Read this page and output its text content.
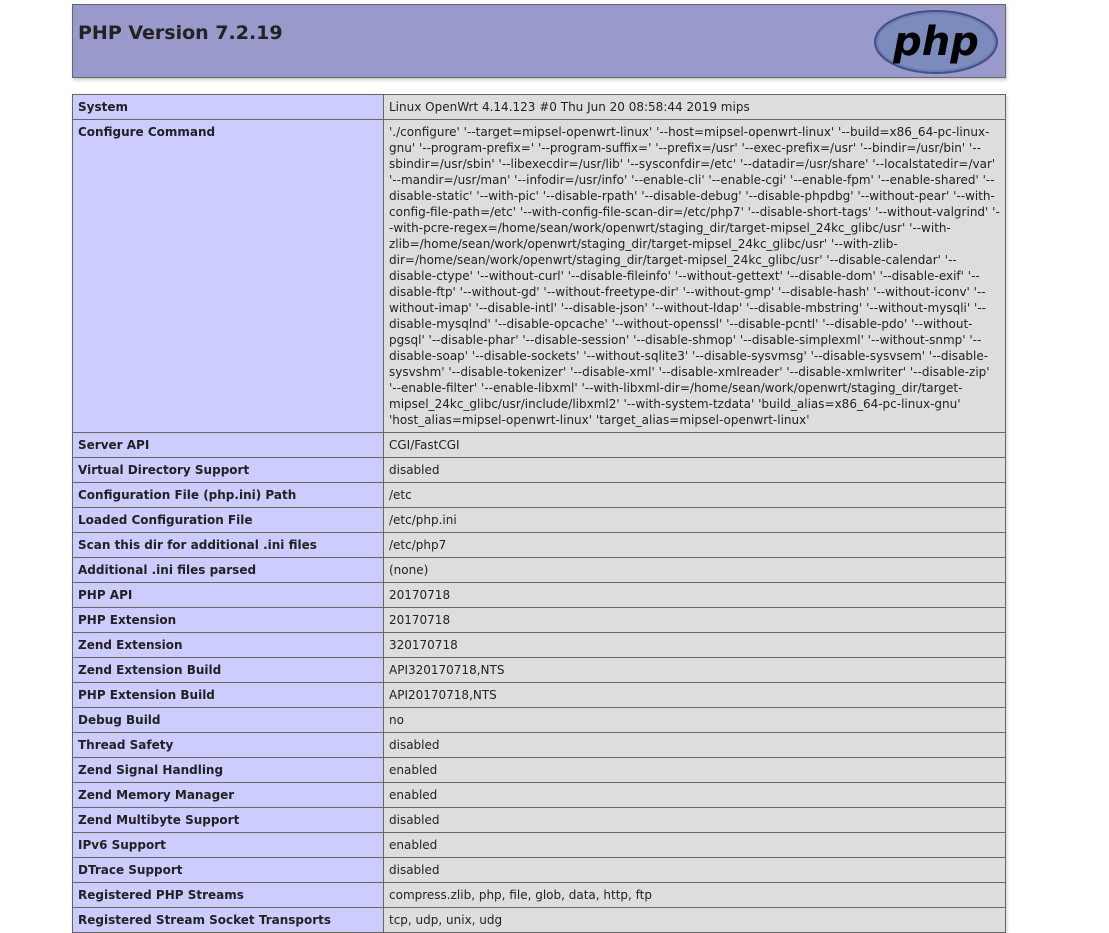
PHP Version 7.2.19	php
System	Linux OpenWrt 4.14.123 #0 Thu Jun 20 08:58:44 2019 mips
Configure Command	'./configure' '--target=mipsel-openwrt-linux' '--host=mipsel-openwrt-linux' '--build=x86_64-pc-linux-gnu' '--program-prefix=' '--program-suffix=' '--prefix=/usr' '--exec-prefix=/usr' '--bindir=/usr/bin' '--sbindir=/usr/sbin' '--libexecdir=/usr/lib' '--sysconfdir=/etc' '--datadir=/usr/share' '--localstatedir=/var' '--mandir=/usr/man' '--infodir=/usr/info' '--enable-cli' '--enable-cgi' '--enable-fpm' '--enable-shared' '--disable-static' '--with-pic' '--disable-rpath' '--disable-debug' '--disable-phpdbg' '--without-pear' '--with-config-file-path=/etc' '--with-config-file-scan-dir=/etc/php7' '--disable-short-tags' '--without-valgrind' '--with-pcre-regex=/home/sean/work/openwrt/staging_dir/target-mipsel_24kc_glibc/usr' '--with-zlib=/home/sean/work/openwrt/staging_dir/target-mipsel_24kc_glibc/usr' '--with-zlib-dir=/home/sean/work/openwrt/staging_dir/target-mipsel_24kc_glibc/usr' '--disable-calendar' '--disable-ctype' '--without-curl' '--disable-fileinfo' '--without-gettext' '--disable-dom' '--disable-exif' '--disable-ftp' '--without-gd' '--without-freetype-dir' '--without-gmp' '--disable-hash' '--without-iconv' '--without-imap' '--disable-intl' '--disable-json' '--without-ldap' '--disable-mbstring' '--without-mysqli' '--disable-mysqlnd' '--disable-opcache' '--without-openssl' '--disable-pcntl' '--disable-pdo' '--without-pgsql' '--disable-phar' '--disable-session' '--disable-shmop' '--disable-simplexml' '--without-snmp' '--disable-soap' '--disable-sockets' '--without-sqlite3' '--disable-sysvmsg' '--disable-sysvsem' '--disable-sysvshm' '--disable-tokenizer' '--disable-xml' '--disable-xmlreader' '--disable-xmlwriter' '--disable-zip' '--enable-filter' '--enable-libxml' '--with-libxml-dir=/home/sean/work/openwrt/staging_dir/target-mipsel_24kc_glibc/usr/include/libxml2' '--with-system-tzdata' 'build_alias=x86_64-pc-linux-gnu' 'host_alias=mipsel-openwrt-linux' 'target_alias=mipsel-openwrt-linux'
Server API	CGI/FastCGI
Virtual Directory Support	disabled
Configuration File (php.ini) Path	/etc
Loaded Configuration File	/etc/php.ini
Scan this dir for additional .ini files	/etc/php7
Additional .ini files parsed	(none)
PHP API	20170718
PHP Extension	20170718
Zend Extension	320170718
Zend Extension Build	API320170718,NTS
PHP Extension Build	API20170718,NTS
Debug Build	no
Thread Safety	disabled
Zend Signal Handling	enabled
Zend Memory Manager	enabled
Zend Multibyte Support	disabled
IPv6 Support	enabled
DTrace Support	disabled
Registered PHP Streams	compress.zlib, php, file, glob, data, http, ftp
Registered Stream Socket Transports	tcp, udp, unix, udg
